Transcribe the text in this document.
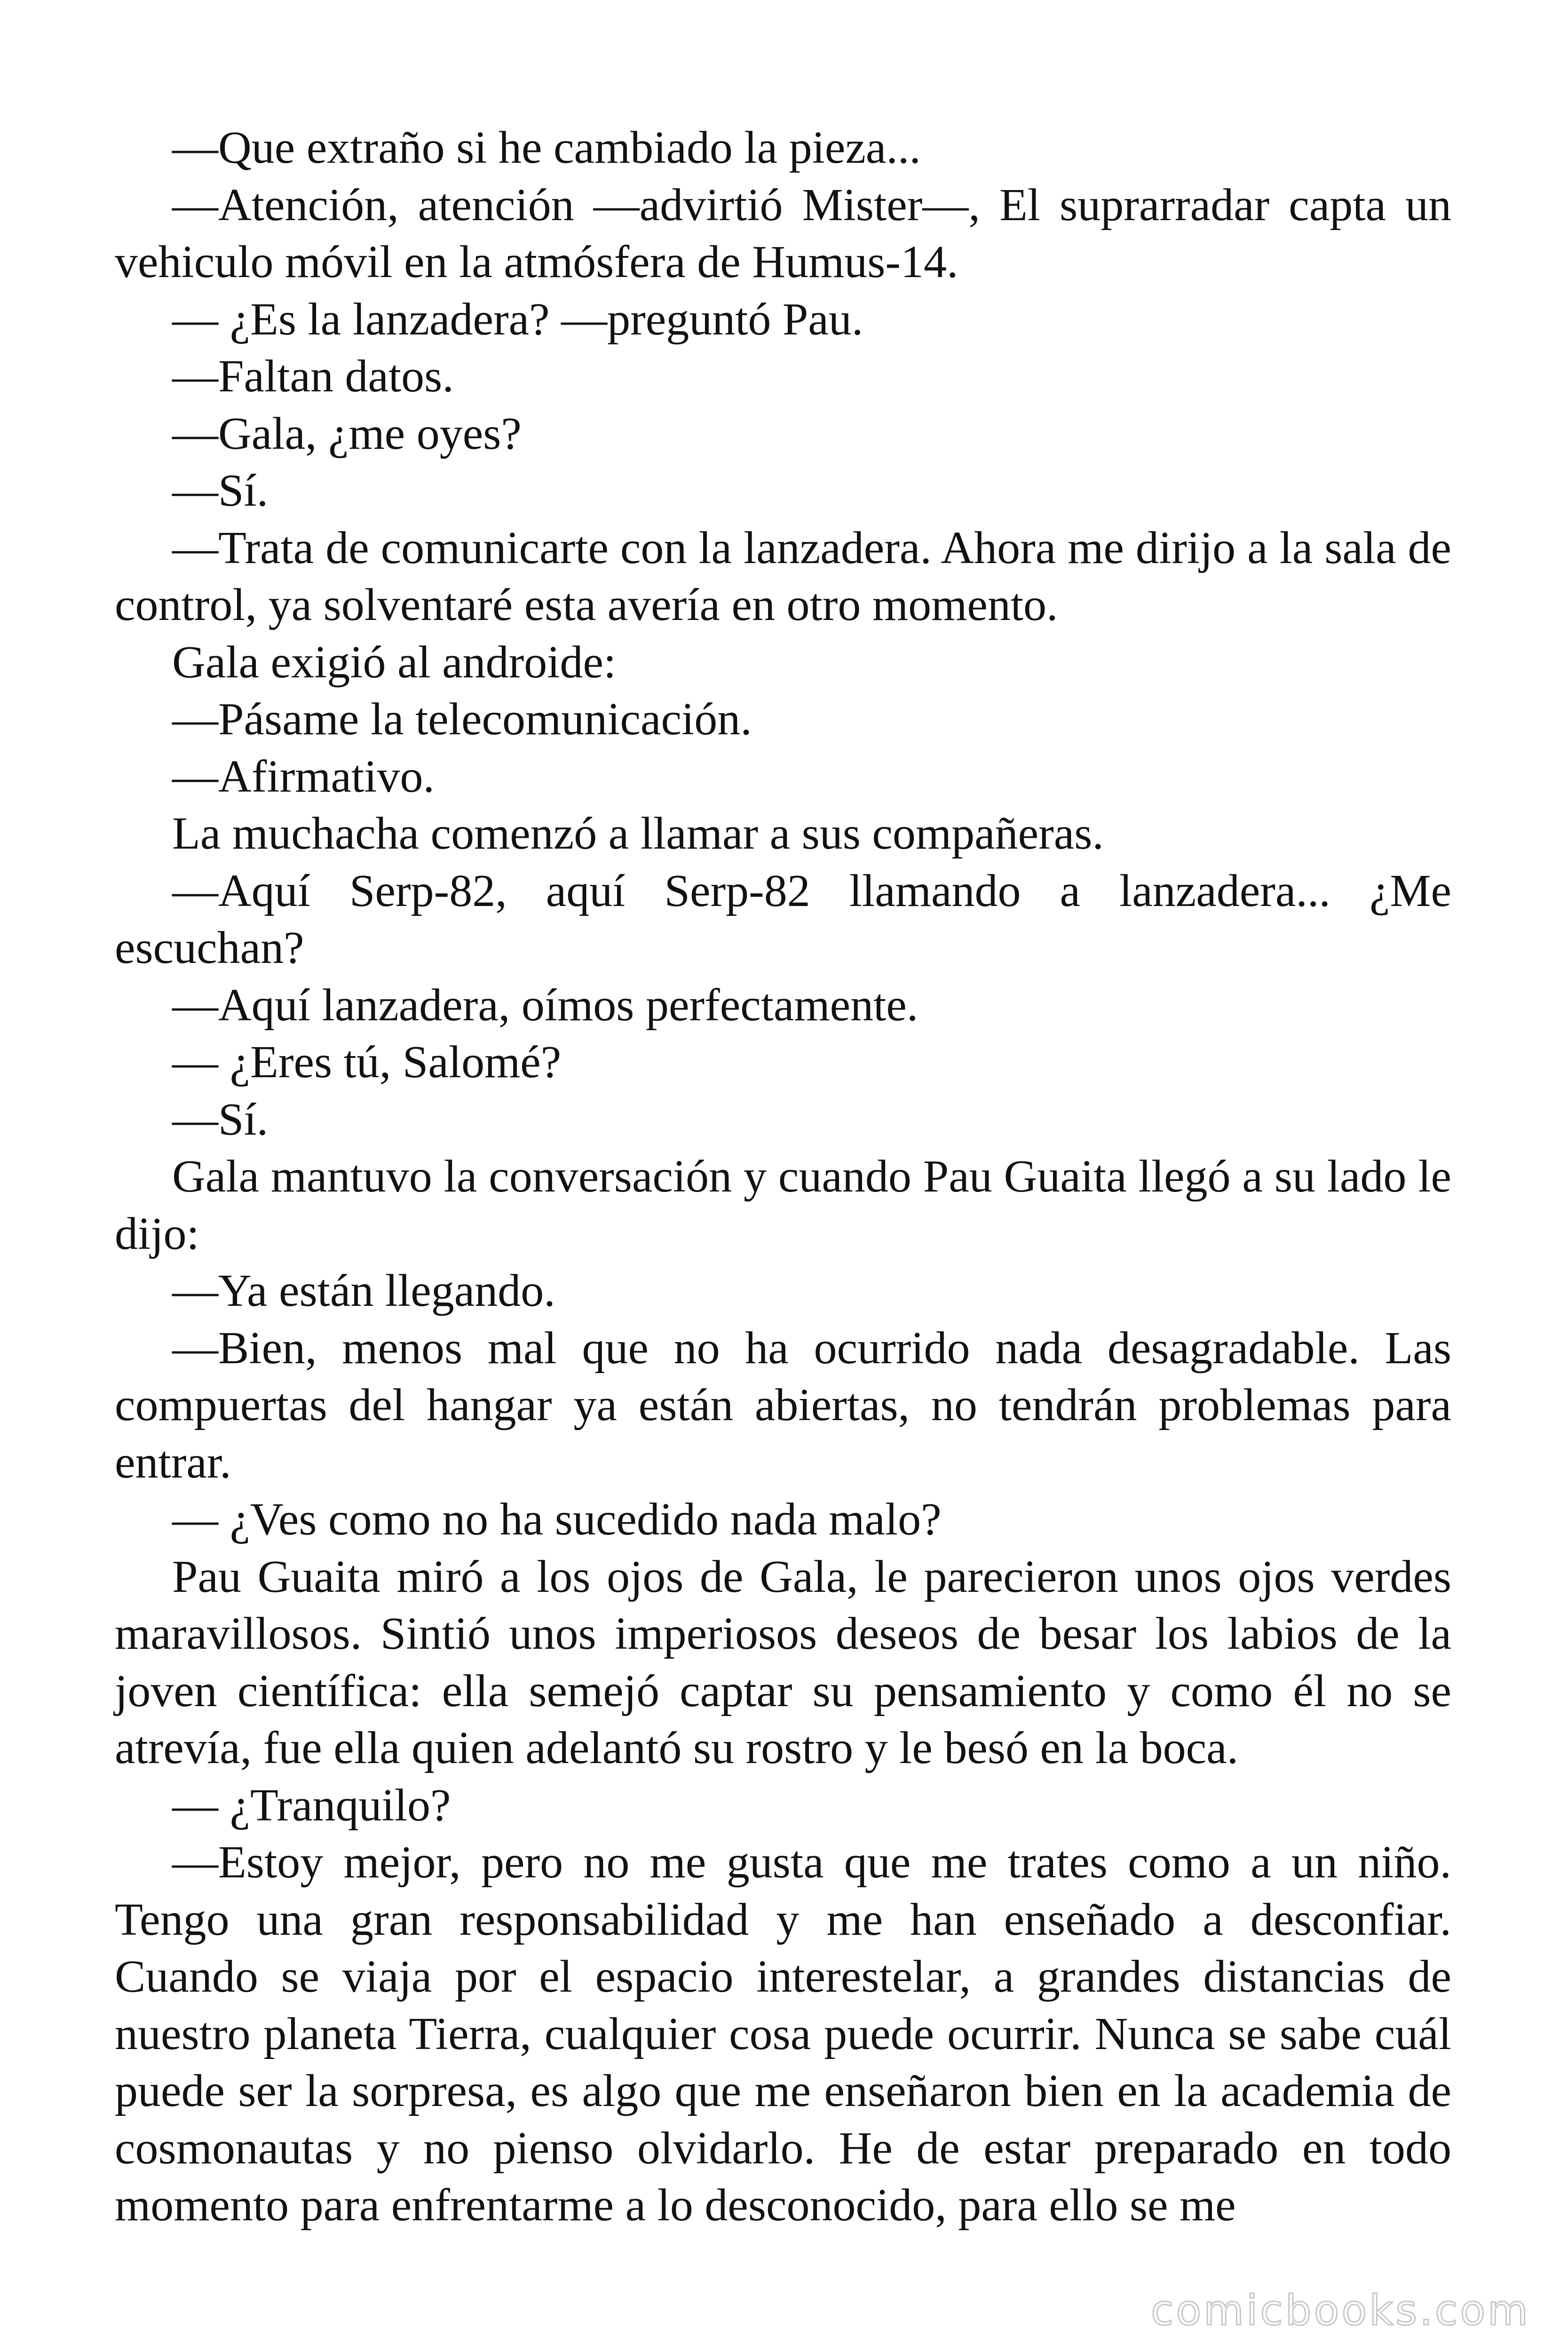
—Que extraño si he cambiado la pieza...

—Atención, atención —advirtió Mister—, El suprarradar capta un vehiculo móvil en la atmósfera de Humus-14.

— ¿Es la lanzadera? —preguntó Pau.

—Faltan datos.

—Gala, ¿me oyes?

—Sí.

—Trata de comunicarte con la lanzadera. Ahora me dirijo a la sala de control, ya solventaré esta avería en otro momento.

Gala exigió al androide:

—Pásame la telecomunicación.

—Afirmativo.

La muchacha comenzó a llamar a sus compañeras.

—Aquí Serp-82, aquí Serp-82 llamando a lanzadera... ¿Me escuchan?

—Aquí lanzadera, oímos perfectamente.

— ¿Eres tú, Salomé?

—Sí.

Gala mantuvo la conversación y cuando Pau Guaita llegó a su lado le dijo:

—Ya están llegando.

—Bien, menos mal que no ha ocurrido nada desagradable. Las compuertas del hangar ya están abiertas, no tendrán problemas para entrar.

— ¿Ves como no ha sucedido nada malo?

Pau Guaita miró a los ojos de Gala, le parecieron unos ojos verdes maravillosos. Sintió unos imperiosos deseos de besar los labios de la joven científica: ella semejó captar su pensamiento y como él no se atrevía, fue ella quien adelantó su rostro y le besó en la boca.

— ¿Tranquilo?

—Estoy mejor, pero no me gusta que me trates como a un niño. Tengo una gran responsabilidad y me han enseñado a desconfiar. Cuando se viaja por el espacio interestelar, a grandes distancias de nuestro planeta Tierra, cualquier cosa puede ocurrir. Nunca se sabe cuál puede ser la sorpresa, es algo que me enseñaron bien en la academia de cosmonautas y no pienso olvidarlo. He de estar preparado en todo momento para enfrentarme a lo desconocido, para ello se me

comicbooks.com
